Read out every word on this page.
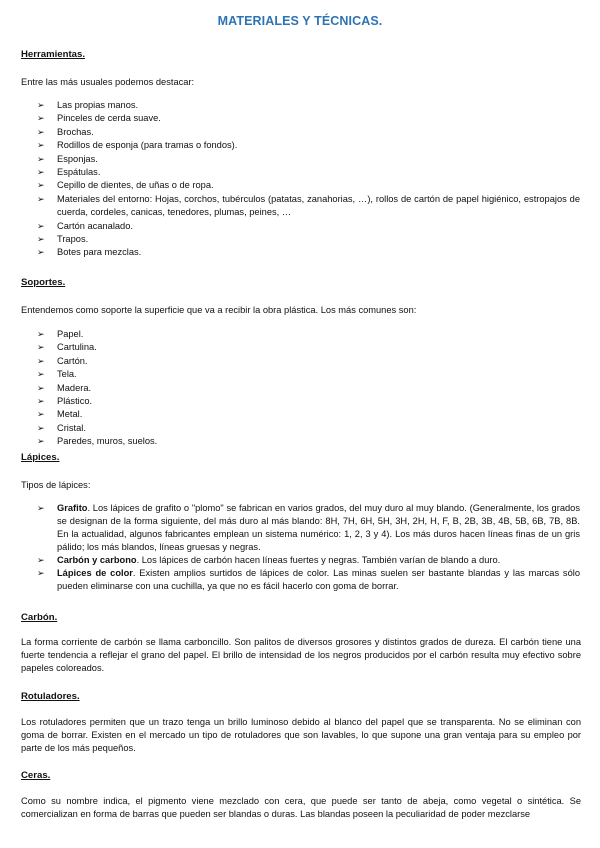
MATERIALES Y TÉCNICAS.
Herramientas.
Entre las más usuales podemos destacar:
➢ Las propias manos.
➢ Pinceles de cerda suave.
➢ Brochas.
➢ Rodillos de esponja (para tramas o fondos).
➢ Esponjas.
➢ Espátulas.
➢ Cepillo de dientes, de uñas o de ropa.
➢ Materiales del entorno: Hojas, corchos, tubérculos (patatas, zanahorias, …), rollos de cartón de papel higiénico, estropajos de cuerda, cordeles, canicas, tenedores, plumas, peines, …
➢ Cartón acanalado.
➢ Trapos.
➢ Botes para mezclas.
Soportes.
Entendemos como soporte la superficie que va a recibir la obra plástica. Los más comunes son:
➢ Papel.
➢ Cartulina.
➢ Cartón.
➢ Tela.
➢ Madera.
➢ Plástico.
➢ Metal.
➢ Cristal.
➢ Paredes, muros, suelos.
Lápices.
Tipos de lápices:
➢ Grafito. Los lápices de grafito o "plomo" se fabrican en varios grados, del muy duro al muy blando. (Generalmente, los grados se designan de la forma siguiente, del más duro al más blando: 8H, 7H, 6H, 5H, 3H, 2H, H, F, B, 2B, 3B, 4B, 5B, 6B, 7B, 8B. En la actualidad, algunos fabricantes emplean un sistema numérico: 1, 2, 3 y 4). Los más duros hacen líneas finas de un gris pálido; los más blandos, líneas gruesas y negras.
➢ Carbón y carbono. Los lápices de carbón hacen líneas fuertes y negras. También varían de blando a duro.
➢ Lápices de color. Existen amplios surtidos de lápices de color. Las minas suelen ser bastante blandas y las marcas sólo pueden eliminarse con una cuchilla, ya que no es fácil hacerlo con goma de borrar.
Carbón.
La forma corriente de carbón se llama carboncillo. Son palitos de diversos grosores y distintos grados de dureza. El carbón tiene una fuerte tendencia a reflejar el grano del papel. El brillo de intensidad de los negros producidos por el carbón resulta muy efectivo sobre papeles coloreados.
Rotuladores.
Los rotuladores permiten que un trazo tenga un brillo luminoso debido al blanco del papel que se transparenta. No se eliminan con goma de borrar. Existen en el mercado un tipo de rotuladores que son lavables, lo que supone una gran ventaja para su empleo por parte de los más pequeños.
Ceras.
Como su nombre indica, el pigmento viene mezclado con cera, que puede ser tanto de abeja, como vegetal o sintética. Se comercializan en forma de barras que pueden ser blandas o duras. Las blandas poseen la peculiaridad de poder mezclarse
